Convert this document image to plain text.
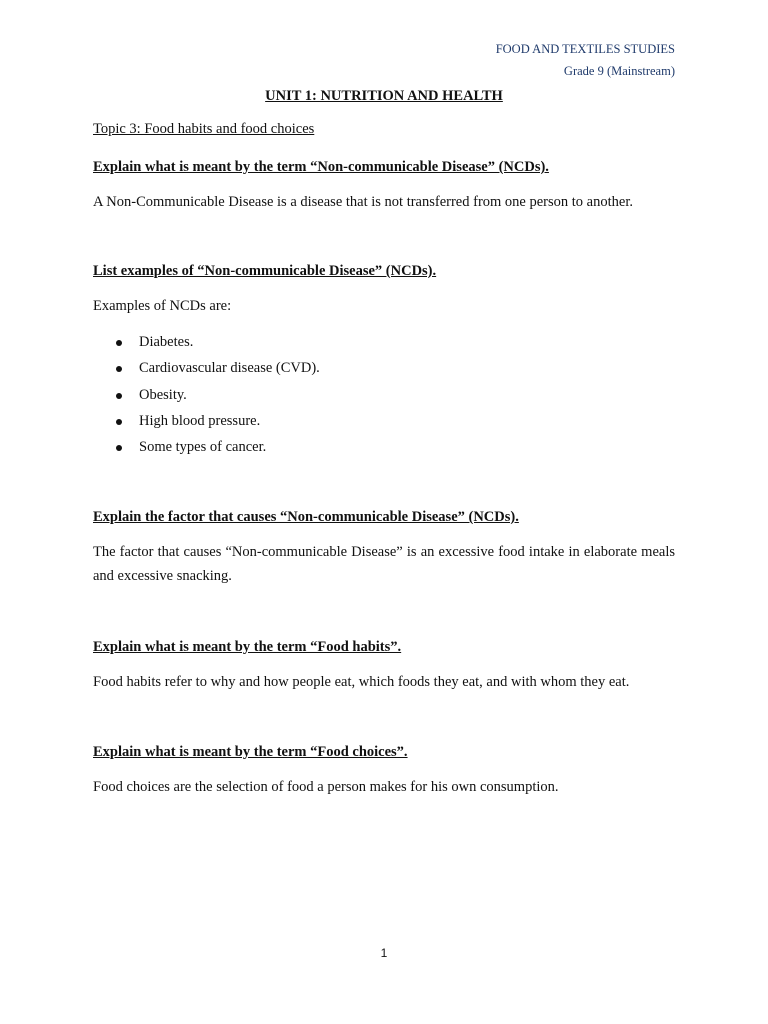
FOOD AND TEXTILES STUDIES
Grade 9 (Mainstream)
UNIT 1: NUTRITION AND HEALTH
Topic 3: Food habits and food choices

Explain what is meant by the term “Non-communicable Disease” (NCDs).

A Non-Communicable Disease is a disease that is not transferred from one person to another.

List examples of “Non-communicable Disease” (NCDs).

Examples of NCDs are:

Diabetes.
Cardiovascular disease (CVD).
Obesity.
High blood pressure.
Some types of cancer.

Explain the factor that causes “Non-communicable Disease” (NCDs).

The factor that causes “Non-communicable Disease” is an excessive food intake in elaborate meals and excessive snacking.

Explain what is meant by the term “Food habits”.

Food habits refer to why and how people eat, which foods they eat, and with whom they eat.

Explain what is meant by the term “Food choices”.

Food choices are the selection of food a person makes for his own consumption.

1
